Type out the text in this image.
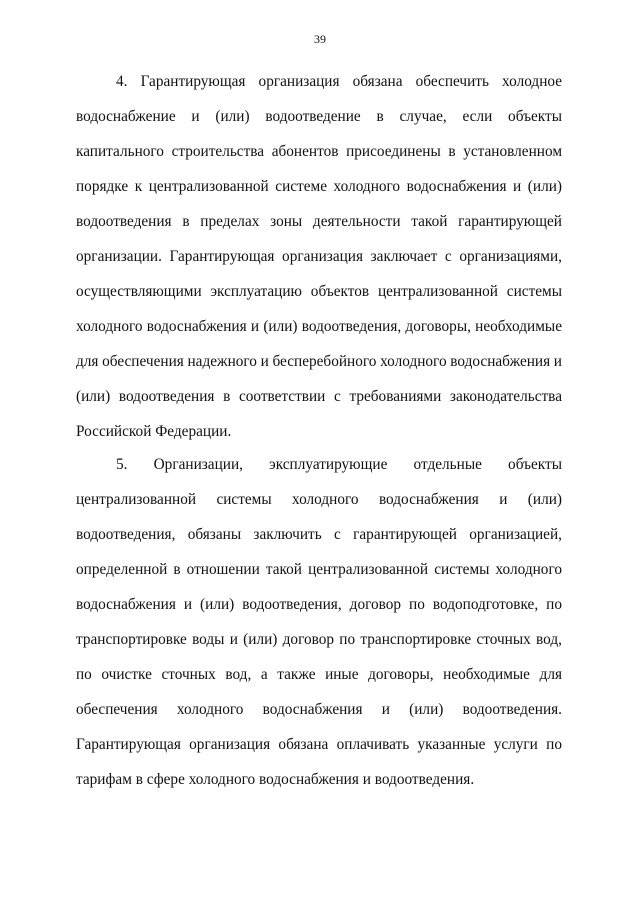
39
4. Гарантирующая организация обязана обеспечить холодное
водоснабжение и (или) водоотведение в случае, если объекты
капитального строительства абонентов присоединены в установленном
порядке к централизованной системе холодного водоснабжения и (или)
водоотведения в пределах зоны деятельности такой гарантирующей
организации. Гарантирующая организация заключает с организациями,
осуществляющими эксплуатацию объектов централизованной системы
холодного водоснабжения и (или) водоотведения, договоры, необходимые
для обеспечения надежного и бесперебойного холодного водоснабжения и
(или) водоотведения в соответствии с требованиями законодательства
Российской Федерации.
5. Организации, эксплуатирующие отдельные объекты
централизованной системы холодного водоснабжения и (или)
водоотведения, обязаны заключить с гарантирующей организацией,
определенной в отношении такой централизованной системы холодного
водоснабжения и (или) водоотведения, договор по водоподготовке, по
транспортировке воды и (или) договор по транспортировке сточных вод,
по очистке сточных вод, а также иные договоры, необходимые для
обеспечения холодного водоснабжения и (или) водоотведения.
Гарантирующая организация обязана оплачивать указанные услуги по
тарифам в сфере холодного водоснабжения и водоотведения.
